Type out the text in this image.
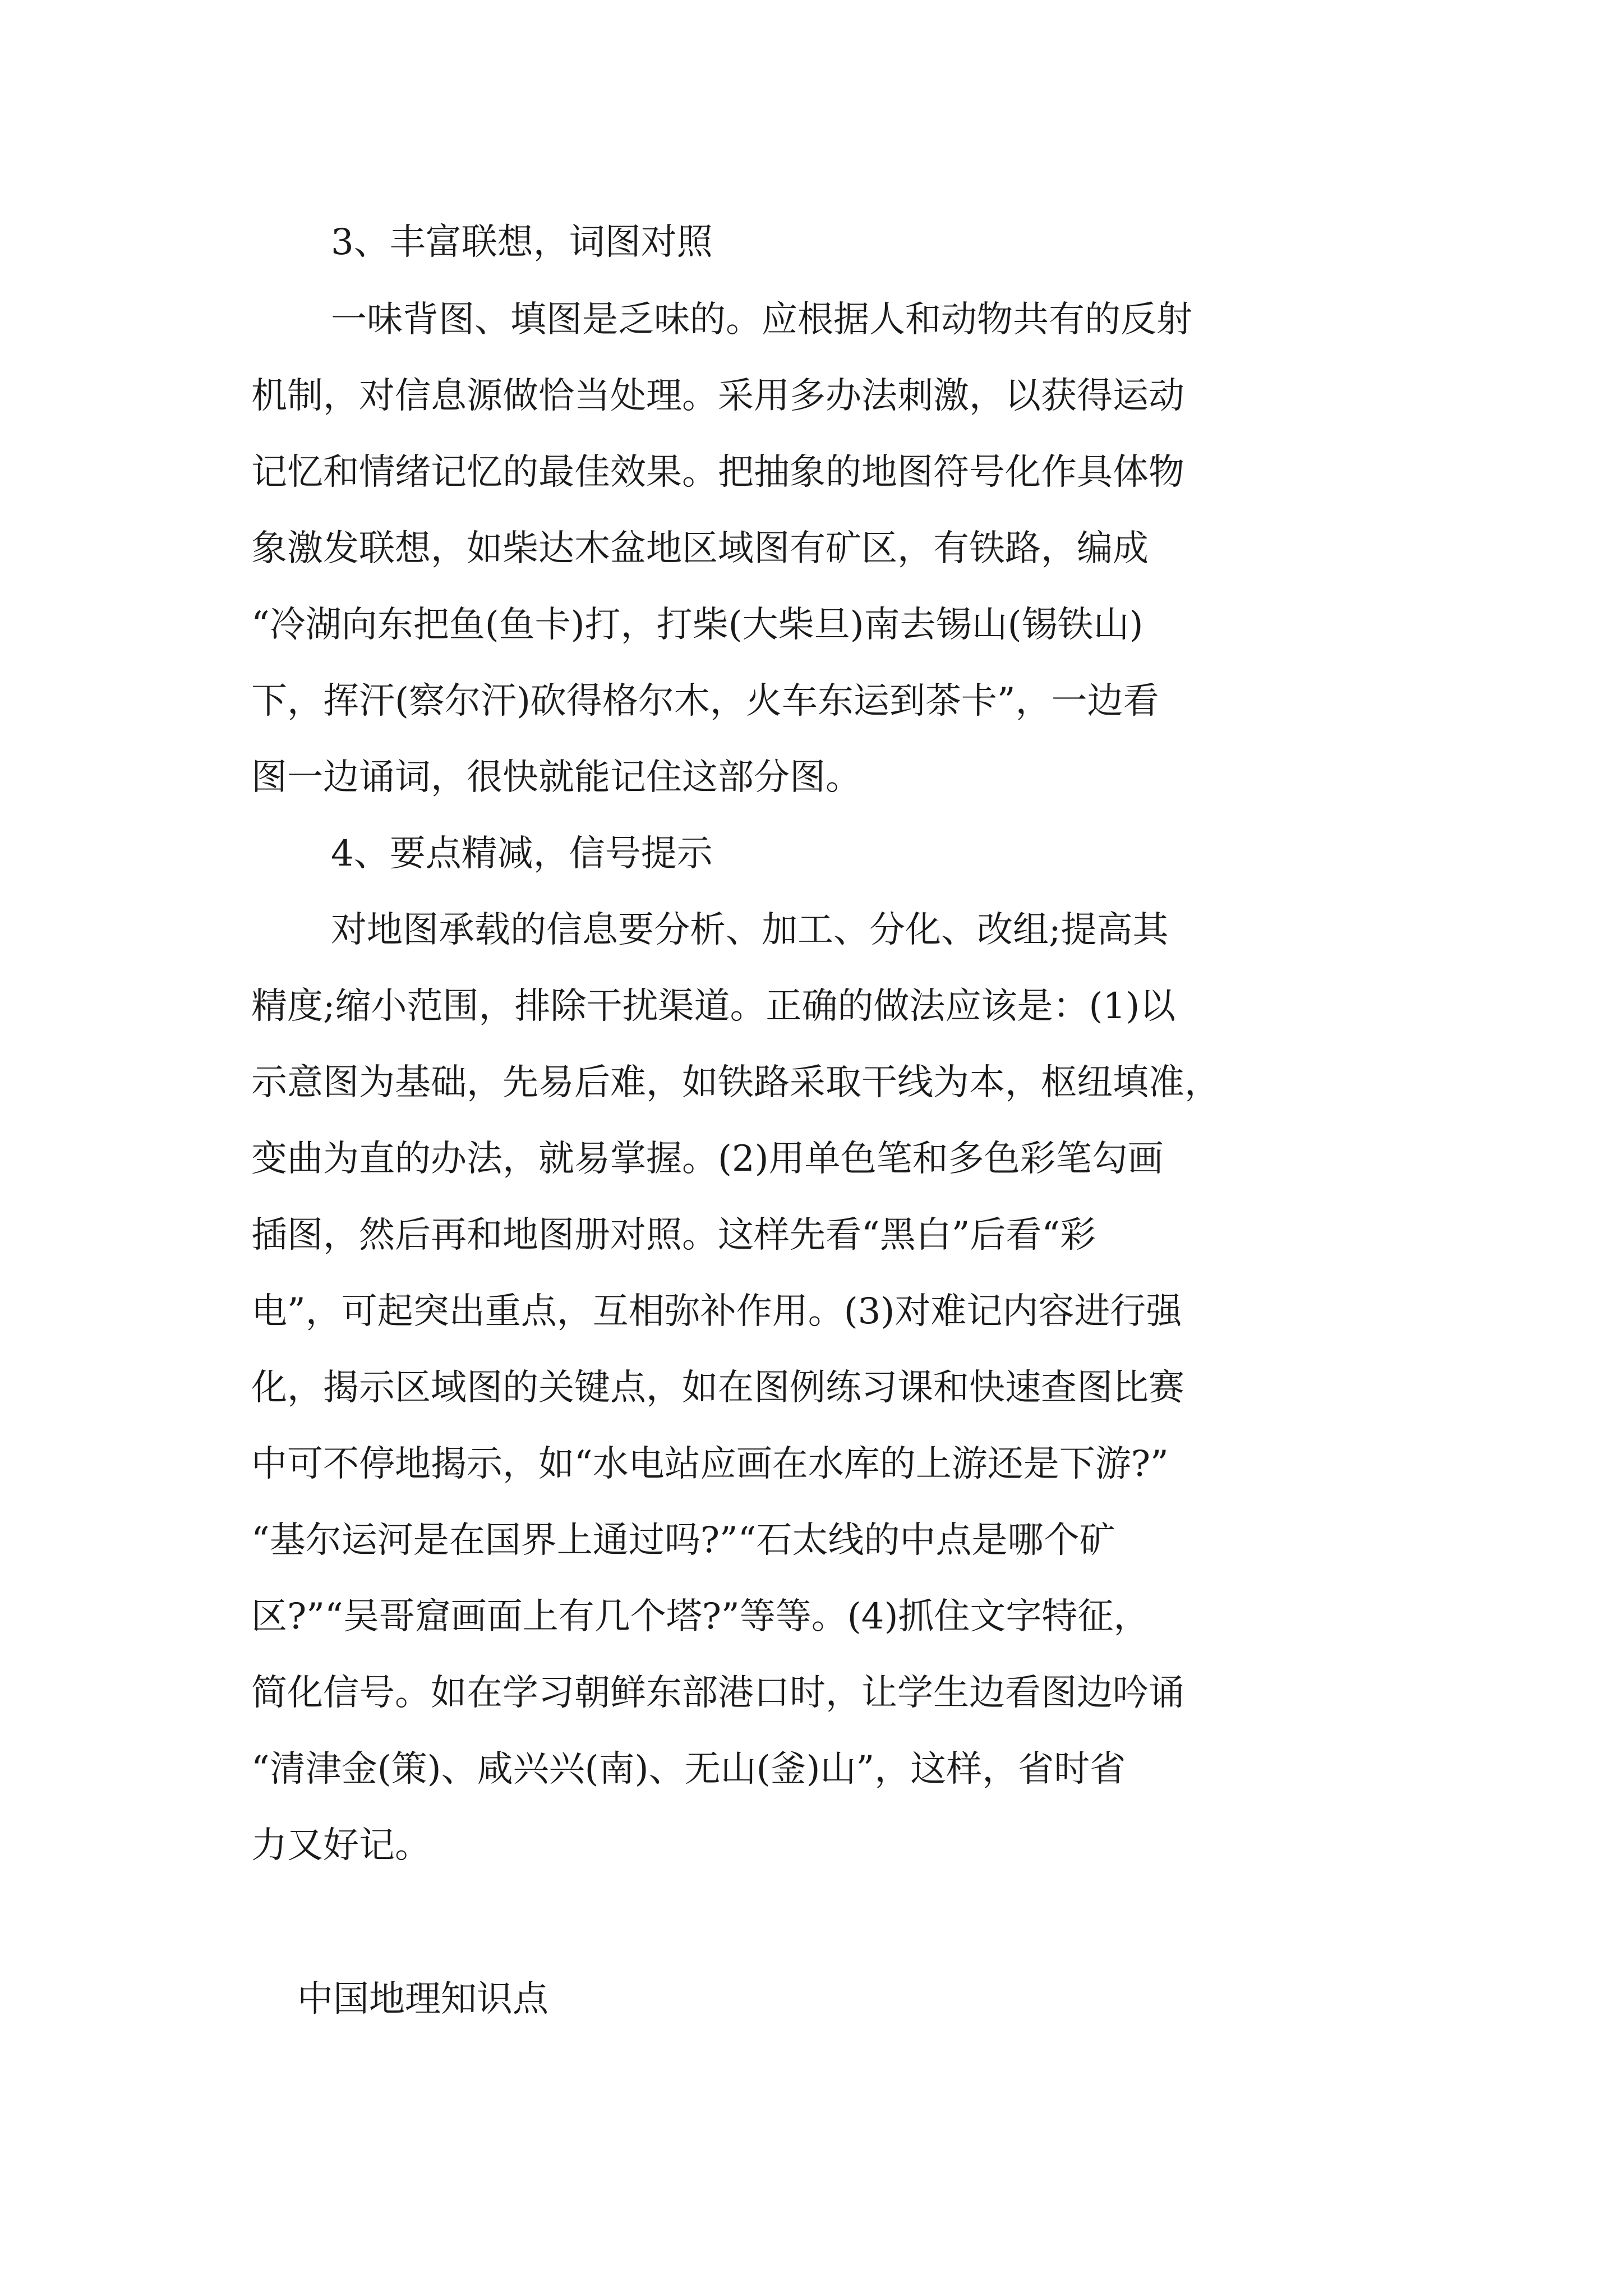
3、丰富联想，词图对照
一味背图、填图是乏味的。应根据人和动物共有的反射
机制，对信息源做恰当处理。采用多办法刺激，以获得运动
记忆和情绪记忆的最佳效果。把抽象的地图符号化作具体物
象激发联想，如柴达木盆地区域图有矿区，有铁路，编成
“冷湖向东把鱼(鱼卡)打，打柴(大柴旦)南去锡山(锡铁山)
下，挥汗(察尔汗)砍得格尔木，火车东运到茶卡”，一边看
图一边诵词，很快就能记住这部分图。
4、要点精减，信号提示
对地图承载的信息要分析、加工、分化、改组;提高其
精度;缩小范围，排除干扰渠道。正确的做法应该是：(1)以
示意图为基础，先易后难，如铁路采取干线为本，枢纽填准，
变曲为直的办法，就易掌握。(2)用单色笔和多色彩笔勾画
插图，然后再和地图册对照。这样先看“黑白”后看“彩
电”，可起突出重点，互相弥补作用。(3)对难记内容进行强
化，揭示区域图的关键点，如在图例练习课和快速查图比赛
中可不停地揭示，如“水电站应画在水库的上游还是下游?”
“基尔运河是在国界上通过吗?”“石太线的中点是哪个矿
区?”“吴哥窟画面上有几个塔?”等等。(4)抓住文字特征，
简化信号。如在学习朝鲜东部港口时，让学生边看图边吟诵
“清津金(策)、咸兴兴(南)、无山(釜)山”，这样，省时省
力又好记。
中国地理知识点
